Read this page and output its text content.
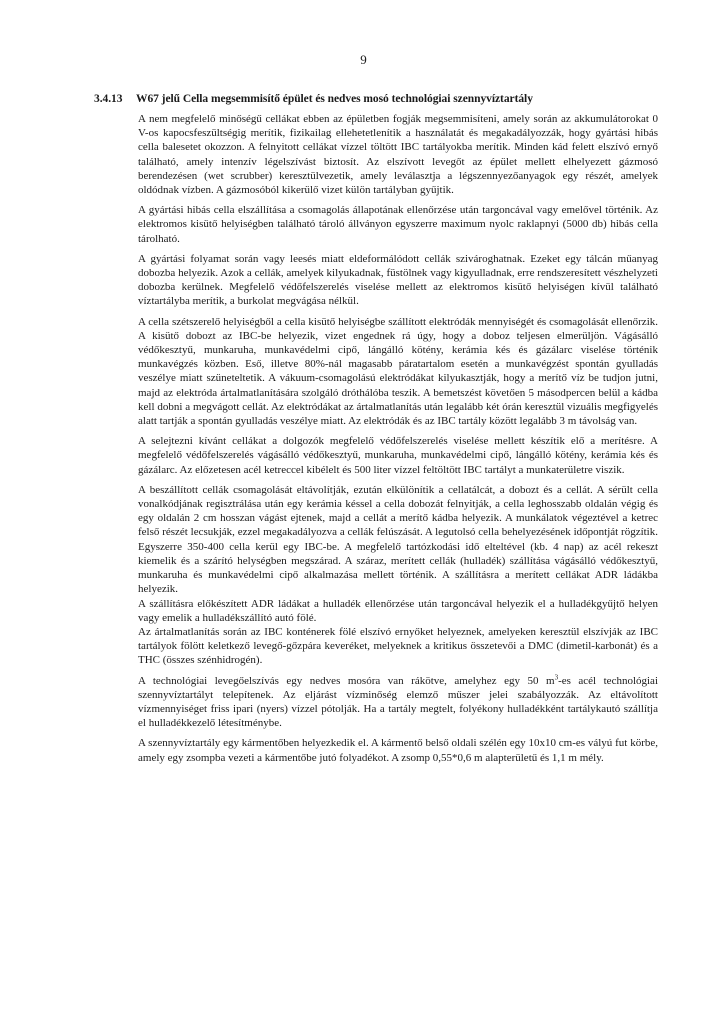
9
3.4.13 W67 jelű Cella megsemmisítő épület és nedves mosó technológiai szennyvíztartály

A nem megfelelő minőségű cellákat ebben az épületben fogják megsemmisíteni, amely során az akkumulátorokat 0 V-os kapocsfeszültségig merítik, fizikailag ellehetetlenítik a használatát és megakadályozzák, hogy gyártási hibás cella balesetet okozzon. A felnyitott cellákat vízzel töltött IBC tartályokba merítik. Minden kád felett elszívó ernyő található, amely intenzív légelszívást biztosít. Az elszívott levegőt az épület mellett elhelyezett gázmosó berendezésen (wet scrubber) keresztülvezetik, amely leválasztja a légszennyezőanyagok egy részét, amelyek oldódnak vízben. A gázmosóból kikerülő vizet külön tartályban gyűjtik.

A gyártási hibás cella elszállítása a csomagolás állapotának ellenőrzése után targoncával vagy emelővel történik. Az elektromos kisütő helyiségben található tároló állványon egyszerre maximum nyolc raklapnyi (5000 db) hibás cella tárolható.

A gyártási folyamat során vagy leesés miatt eldeformálódott cellák szivároghatnak. Ezeket egy tálcán műanyag dobozba helyezik. Azok a cellák, amelyek kilyukadnak, füstölnek vagy kigyulladnak, erre rendszeresített vészhelyzeti dobozba kerülnek. Megfelelő védőfelszerelés viselése mellett az elektromos kisütő helyiségen kívül található víztartályba merítik, a burkolat megvágása nélkül.

A cella szétszerelő helyiségből a cella kisütő helyiségbe szállított elektródák mennyiségét és csomagolását ellenőrzik. A kisütő dobozt az IBC-be helyezik, vizet engednek rá úgy, hogy a doboz teljesen elmerüljön. Vágásálló védőkesztyű, munkaruha, munkavédelmi cipő, lángálló kötény, kerámia kés és gázálarc viselése történik munkavégzés közben. Eső, illetve 80%-nál magasabb páratartalom esetén a munkavégzést spontán gyulladás veszélye miatt szüneteltetik. A vákuum-csomagolású elektródákat kilyukasztják, hogy a merítő víz be tudjon jutni, majd az elektróda ártalmatlanítására szolgáló dróthálóba teszik. A bemetszést követően 5 másodpercen belül a kádba kell dobni a megvágott cellát. Az elektródákat az ártalmatlanítás után legalább két órán keresztül vizuális megfigyelés alatt tartják a spontán gyulladás veszélye miatt. Az elektródák és az IBC tartály között legalább 3 m távolság van.

A selejtezni kívánt cellákat a dolgozók megfelelő védőfelszerelés viselése mellett készítik elő a merítésre. A megfelelő védőfelszerelés vágásálló védőkesztyű, munkaruha, munkavédelmi cipő, lángálló kötény, kerámia kés és gázálarc. Az előzetesen acél ketreccel kibélelt és 500 liter vízzel feltöltött IBC tartályt a munkaterületre viszik.

A beszállított cellák csomagolását eltávolítják, ezután elkülönítik a cellatálcát, a dobozt és a cellát. A sérült cella vonalkódjának regisztrálása után egy kerámia késsel a cella dobozát felnyitják, a cella leghosszabb oldalán végig és egy oldalán 2 cm hosszan vágást ejtenek, majd a cellát a merítő kádba helyezik. A munkálatok végeztével a ketrec felső részét lecsukják, ezzel megakadályozva a cellák felúszását. A legutolsó cella behelyezésének időpontját rögzítik. Egyszerre 350-400 cella kerül egy IBC-be. A megfelelő tartózkodási idő elteltével (kb. 4 nap) az acél rekeszt kiemelik és a szárító helységben megszárad. A száraz, merített cellák (hulladék) szállítása vágásálló védőkesztyű, munkaruha és munkavédelmi cipő alkalmazása mellett történik. A szállításra a merített cellákat ADR ládákba helyezik.

A szállításra előkészített ADR ládákat a hulladék ellenőrzése után targoncával helyezik el a hulladékgyűjtő helyen vagy emelik a hulladékszállító autó fölé.

Az ártalmatlanítás során az IBC konténerek fölé elszívó ernyőket helyeznek, amelyeken keresztül elszívják az IBC tartályok fölött keletkező levegő-gőzpára keveréket, melyeknek a kritikus összetevői a DMC (dimetil-karbonát) és a THC (összes szénhidrogén).

A technológiai levegőelszívás egy nedves mosóra van rákötve, amelyhez egy 50 $m^3-es$ acél technológiai szennyvíztartályt telepítenek. Az eljárást vízminőség elemző műszer jelei szabályozzák. Az eltávolított vízmennyiséget friss ipari (nyers) vízzel pótolják. Ha a tartály megtelt, folyékony hulladékként tartálykautó szállítja el hulladékkezelő létesítménybe.

A szennyvíztartály egy kármentőben helyezkedik el. A kármentő belső oldali szélén egy 10x10 cm-es vályú fut körbe, amely egy zsompba vezeti a kármentőbe jutó folyadékot. A zsomp 0,55*0,6 m alapterületű és 1,1 m mély.
